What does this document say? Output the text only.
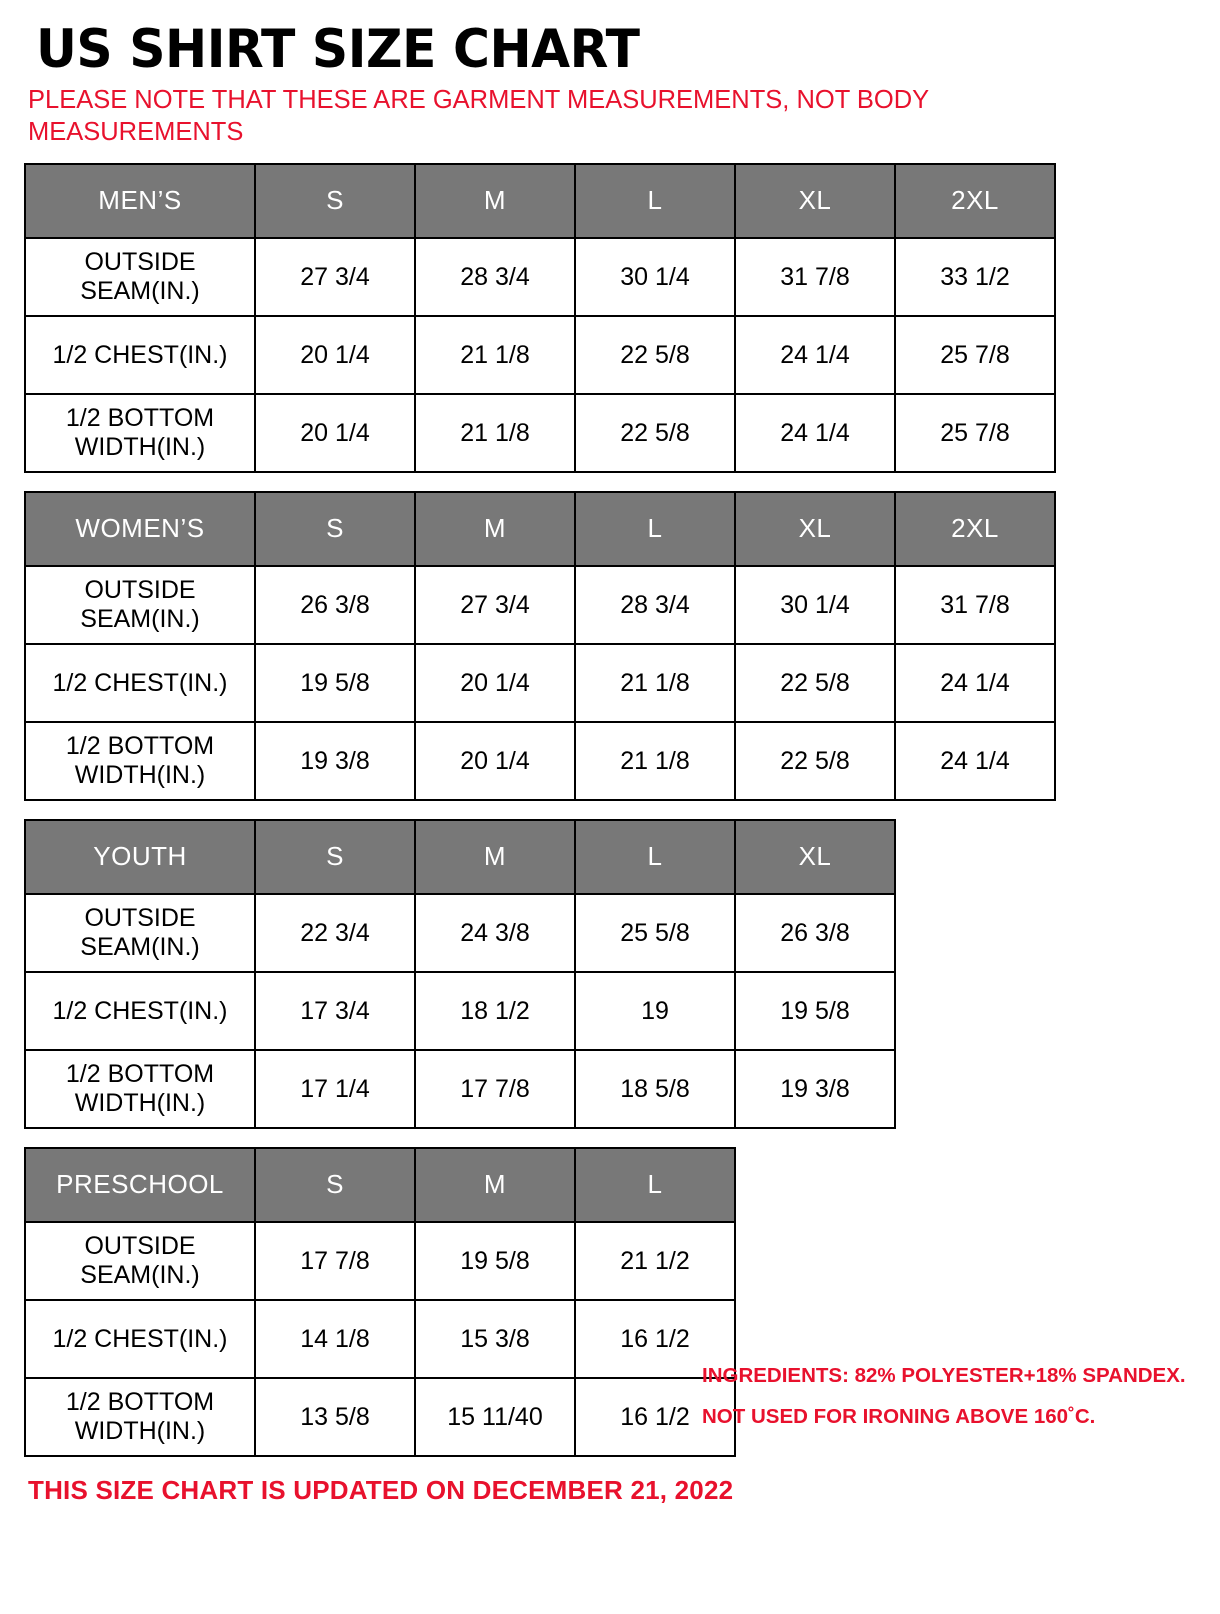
US SHIRT SIZE CHART

PLEASE NOTE THAT THESE ARE GARMENT MEASUREMENTS, NOT BODY MEASUREMENTS

MEN’S	S	M	L	XL	2XL
OUTSIDE SEAM(IN.)	27 3/4	28 3/4	30 1/4	31 7/8	33 1/2
1/2 CHEST(IN.)	20 1/4	21 1/8	22 5/8	24 1/4	25 7/8
1/2 BOTTOM WIDTH(IN.)	20 1/4	21 1/8	22 5/8	24 1/4	25 7/8
WOMEN’S	S	M	L	XL	2XL
OUTSIDE SEAM(IN.)	26 3/8	27 3/4	28 3/4	30 1/4	31 7/8
1/2 CHEST(IN.)	19 5/8	20 1/4	21 1/8	22 5/8	24 1/4
1/2 BOTTOM WIDTH(IN.)	19 3/8	20 1/4	21 1/8	22 5/8	24 1/4
YOUTH	S	M	L	XL
OUTSIDE SEAM(IN.)	22 3/4	24 3/8	25 5/8	26 3/8
1/2 CHEST(IN.)	17 3/4	18 1/2	19	19 5/8
1/2 BOTTOM WIDTH(IN.)	17 1/4	17 7/8	18 5/8	19 3/8
PRESCHOOL	S	M	L
OUTSIDE SEAM(IN.)	17 7/8	19 5/8	21 1/2
1/2 CHEST(IN.)	14 1/8	15 3/8	16 1/2
1/2 BOTTOM WIDTH(IN.)	13 5/8	15 11/40	16 1/2
THIS SIZE CHART IS UPDATED ON DECEMBER 21, 2022
INGREDIENTS: 82% POLYESTER+18% SPANDEX.
NOT USED FOR IRONING ABOVE 160˚C.
